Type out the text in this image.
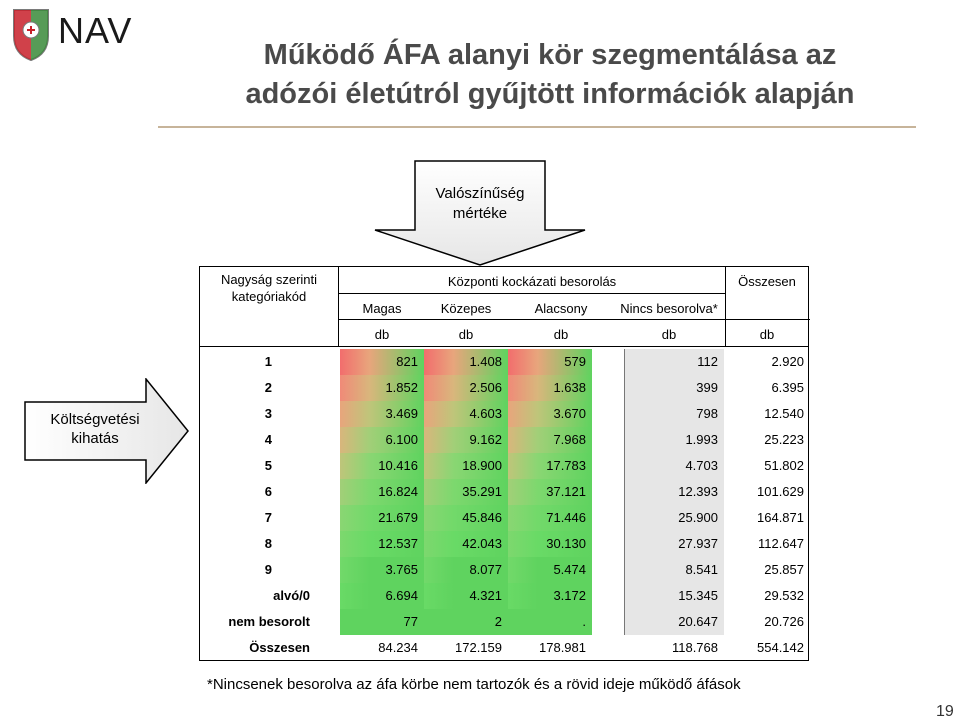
NAV
Működő ÁFA alanyi kör szegmentálása az
adózói életútról gyűjtött információk alapján
Valószínűség
mértéke
Költségvetési
kihatás
Nagyság szerinti
kategóriakód
Központi kockázati besorolás	Összesen
Magas	Közepes	Alacsony	Nincs besorolva*
db	db	db	db	db
1	821	1.408	579	112	2.920
2	1.852	2.506	1.638	399	6.395
3	3.469	4.603	3.670	798	12.540
4	6.100	9.162	7.968	1.993	25.223
5	10.416	18.900	17.783	4.703	51.802
6	16.824	35.291	37.121	12.393	101.629
7	21.679	45.846	71.446	25.900	164.871
8	12.537	42.043	30.130	27.937	112.647
9	3.765	8.077	5.474	8.541	25.857
alvó/0	6.694	4.321	3.172	15.345	29.532
nem besorolt	77	2	.	20.647	20.726
Összesen	84.234	172.159	178.981	118.768	554.142
*Nincsenek besorolva az áfa körbe nem tartozók és a rövid ideje működő áfások
19
